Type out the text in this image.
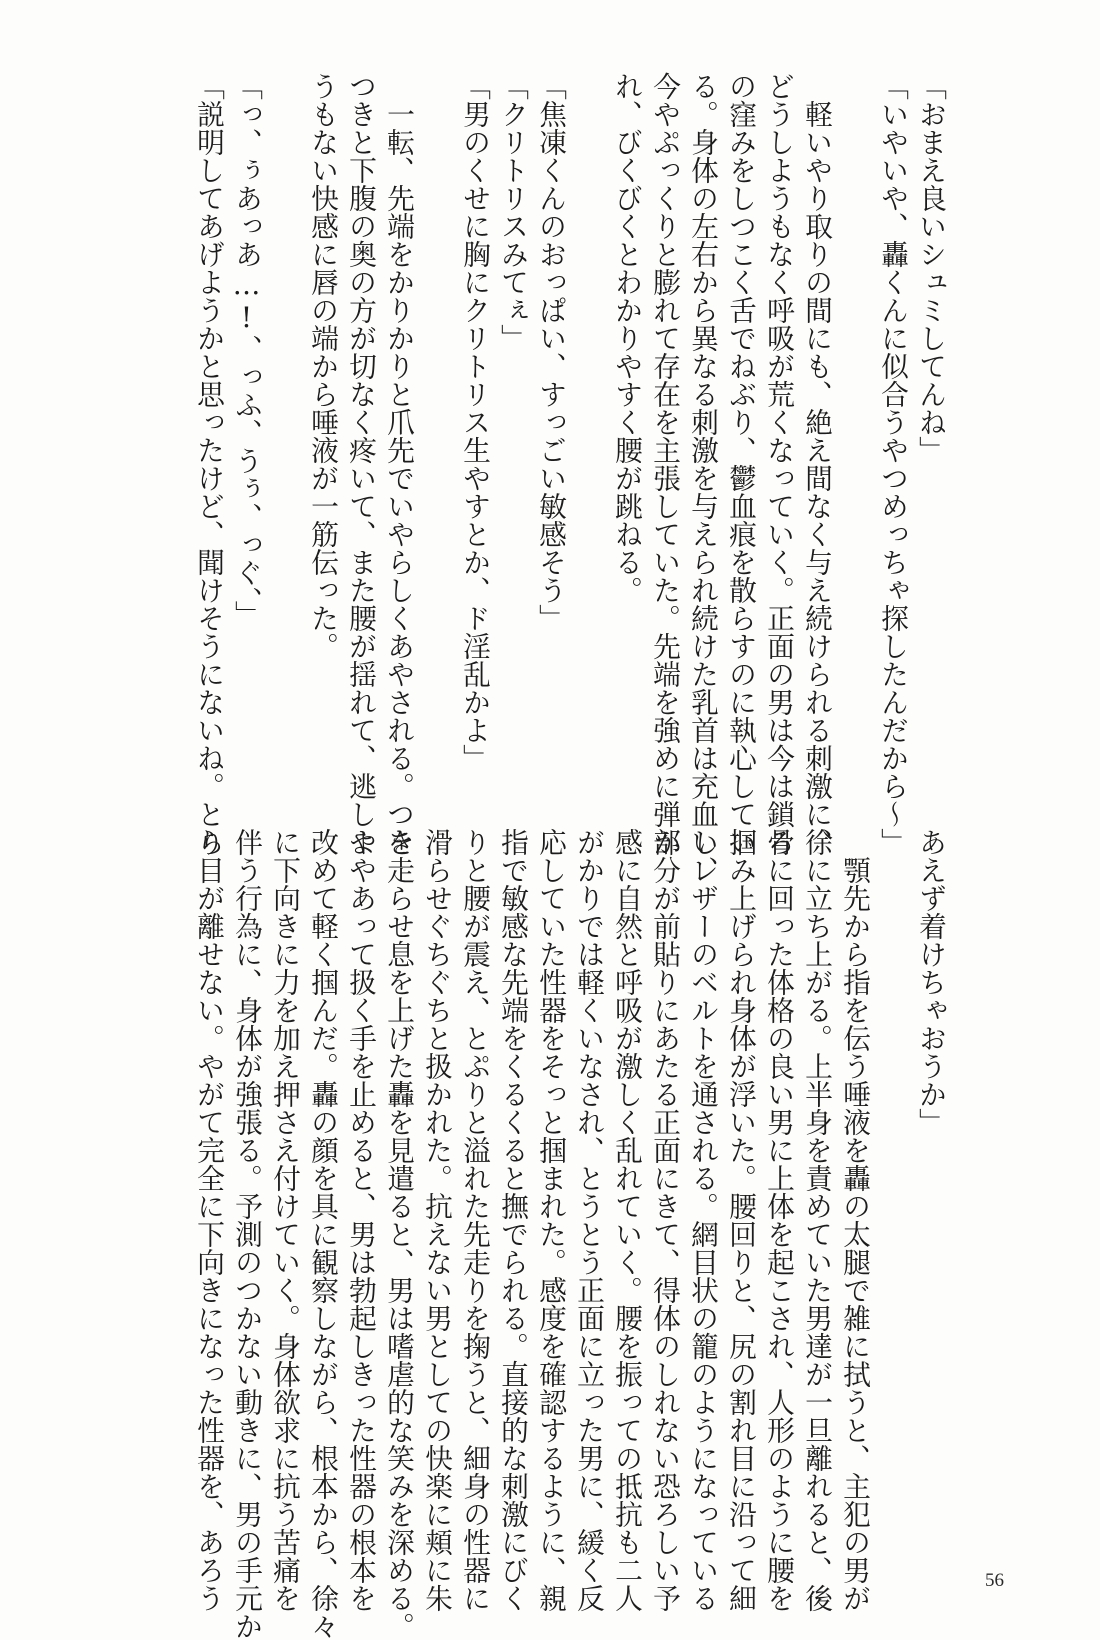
「おまえ良いシュミしてんね」
「いやいや、轟くんに似合うやつめっちゃ探したんだから〜」
　軽いやり取りの間にも、絶え間なく与え続けられる刺激に、
どうしようもなく呼吸が荒くなっていく。正面の男は今は鎖骨
の窪みをしつこく舌でねぶり、鬱血痕を散らすのに執心してい
る。身体の左右から異なる刺激を与えられ続けた乳首は充血し、
今やぷっくりと膨れて存在を主張していた。先端を強めに弾か
れ、びくびくとわかりやすく腰が跳ねる。
「焦凍くんのおっぱい、すっごい敏感そう」
「クリトリスみてぇ」
「男のくせに胸にクリトリス生やすとか、ド淫乱かよ」
　一転、先端をかりかりと爪先でいやらしくあやされる。つき
つきと下腹の奥の方が切なく疼いて、また腰が揺れて、逃しよ
うもない快感に唇の端から唾液が一筋伝った。
「っ、ぅあっあ…!、っふ、うぅ、っぐ、」
「説明してあげようかと思ったけど、聞けそうにないね。とり
あえず着けちゃおうか」
　顎先から指を伝う唾液を轟の太腿で雑に拭うと、主犯の男が
徐に立ち上がる。上半身を責めていた男達が一旦離れると、後
ろに回った体格の良い男に上体を起こされ、人形のように腰を
掴み上げられ身体が浮いた。腰回りと、尻の割れ目に沿って細
いレザーのベルトを通される。網目状の籠のようになっている
部分が前貼りにあたる正面にきて、得体のしれない恐ろしい予
感に自然と呼吸が激しく乱れていく。腰を振っての抵抗も二人
がかりでは軽くいなされ、とうとう正面に立った男に、緩く反
応していた性器をそっと掴まれた。感度を確認するように、親
指で敏感な先端をくるくると撫でられる。直接的な刺激にびく
りと腰が震え、とぷりと溢れた先走りを掬うと、細身の性器に
滑らせぐちぐちと扱かれた。抗えない男としての快楽に頬に朱
を走らせ息を上げた轟を見遣ると、男は嗜虐的な笑みを深める。
ややあって扱く手を止めると、男は勃起しきった性器の根本を
改めて軽く掴んだ。轟の顔を具に観察しながら、根本から、徐々
に下向きに力を加え押さえ付けていく。身体欲求に抗う苦痛を
伴う行為に、身体が強張る。予測のつかない動きに、男の手元か
ら目が離せない。やがて完全に下向きになった性器を、あろう	56
